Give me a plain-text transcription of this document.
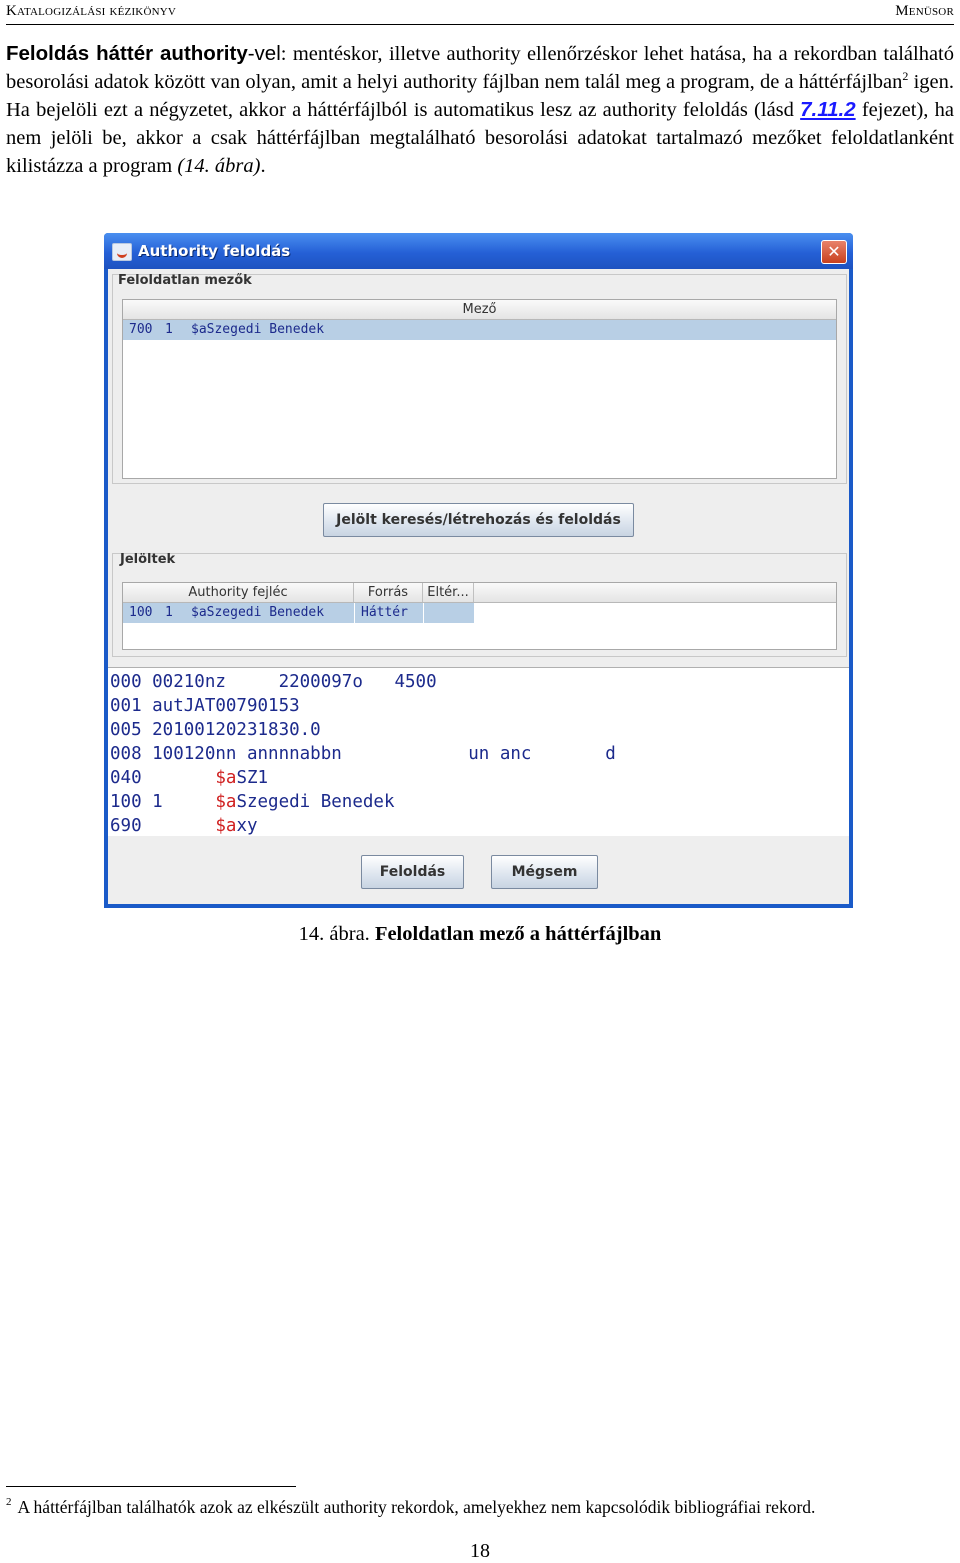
Katalogizálási kézikönyv	Menüsor
Feloldás háttér authority-vel: mentéskor, illetve authority ellenőrzéskor lehet hatása, ha a rekordban található besorolási adatok között van olyan, amit a helyi authority fájlban nem talál meg a program, de a háttérfájlban$^2$ igen. Ha bejelöli ezt a négyzetet, akkor a háttérfájlból is automatikus lesz az authority feloldás (lásd 7.11.2 fejezet), ha nem jelöli be, akkor a csak háttérfájlban megtalálható besorolási adatokat tartalmazó mezőket feloldatlanként kilistázza a program (14. ábra).
Authority feloldás	✕
Feloldatlan mezők
Mező
700 1	$aSzegedi Benedek
Jelölt keresés/létrehozás és feloldás
Jelöltek
Authority fejléc	Forrás	Eltér...
100 1	$aSzegedi Benedek	Háttér
000 00210nz     2200097o   4500
001 autJAT00790153
005 20100120231830.0
008 100120nn annnnabbn            un anc       d
040	$aSZ1
100 1     $aSzegedi Benedek
690	$axy
Feloldás	Mégsem
14. ábra. Feloldatlan mező a háttérfájlban
$^2$ A háttérfájlban találhatók azok az elkészült authority rekordok, amelyekhez nem kapcsolódik bibliográfiai rekord.
18
